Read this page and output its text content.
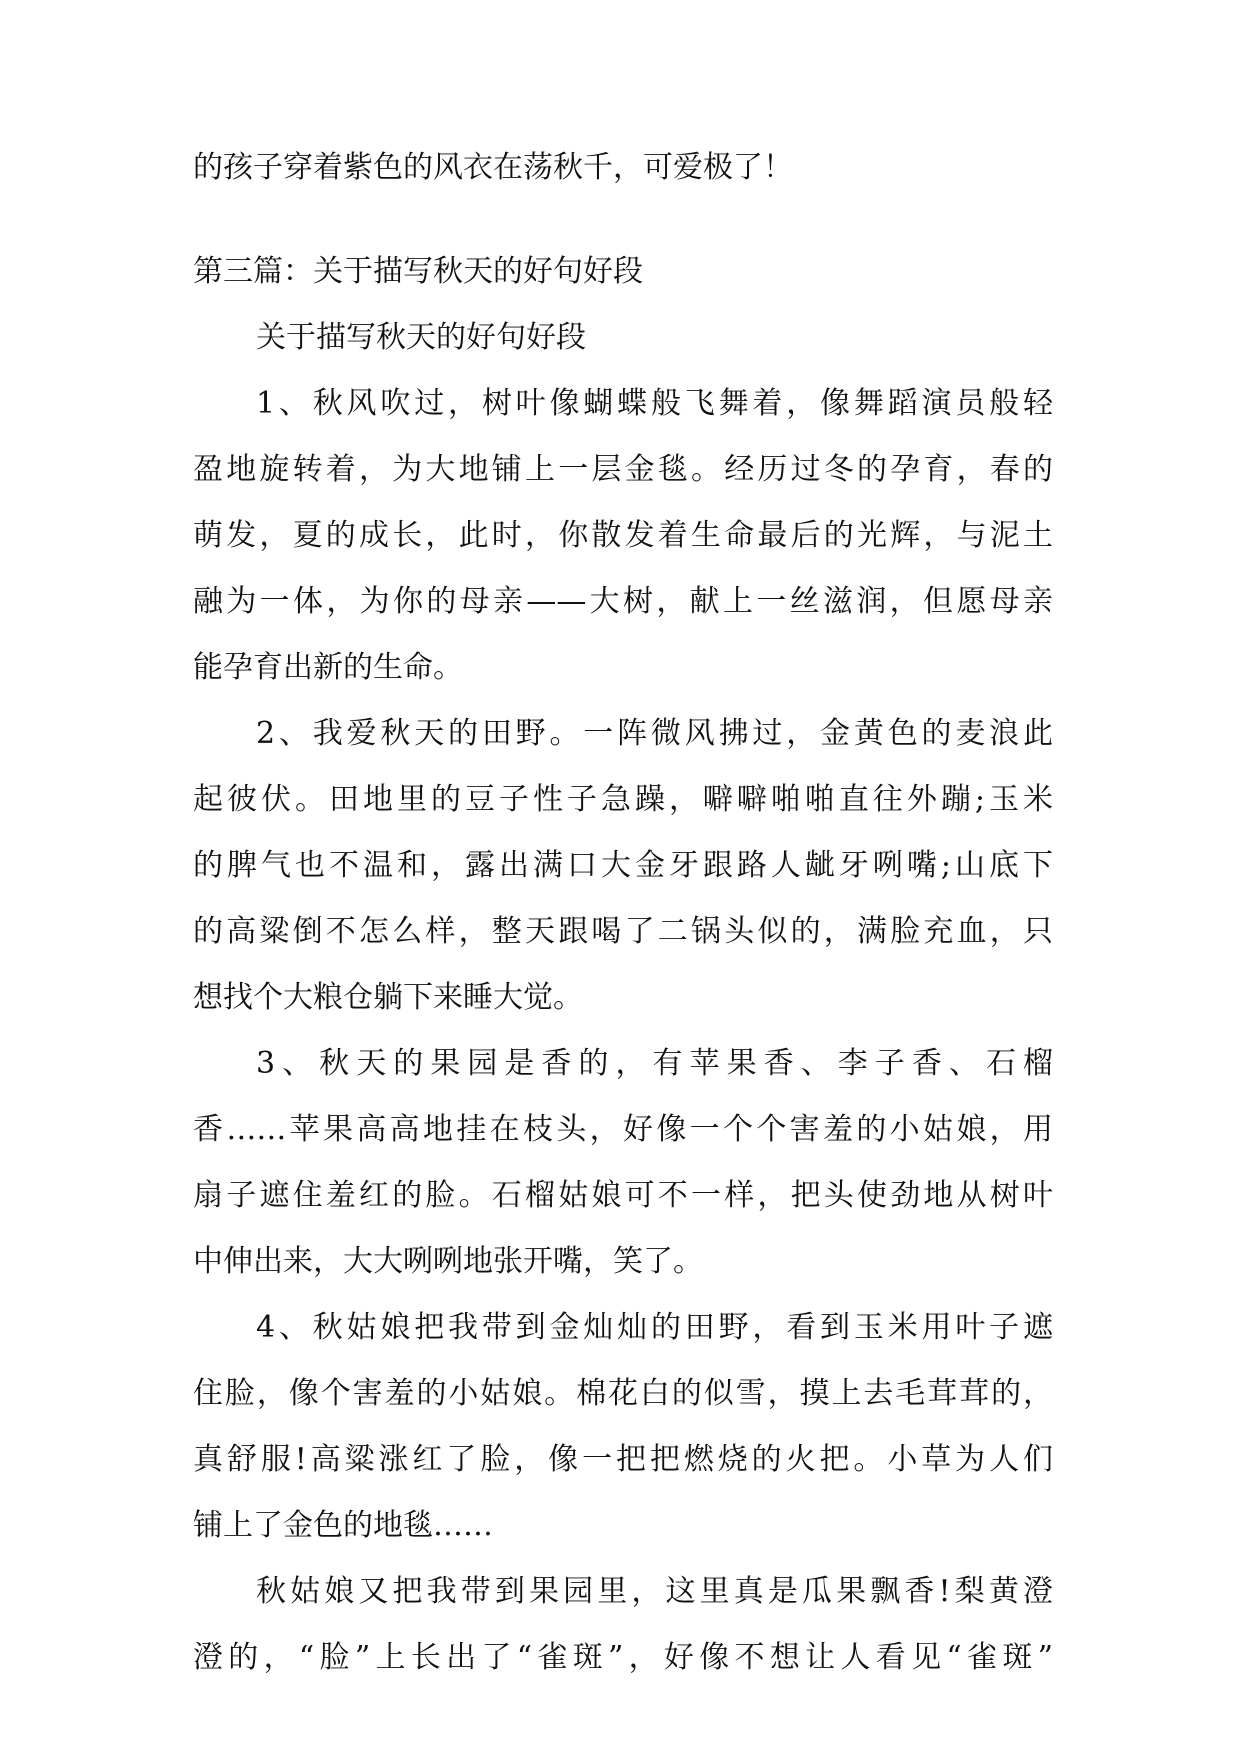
的孩子穿着紫色的风衣在荡秋千，可爱极了！
第三篇：关于描写秋天的好句好段
关于描写秋天的好句好段
1、秋风吹过，树叶像蝴蝶般飞舞着，像舞蹈演员般轻
盈地旋转着，为大地铺上一层金毯。经历过冬的孕育，春的
萌发，夏的成长，此时，你散发着生命最后的光辉，与泥土
融为一体，为你的母亲——大树，献上一丝滋润，但愿母亲
能孕育出新的生命。
2、我爱秋天的田野。一阵微风拂过，金黄色的麦浪此
起彼伏。田地里的豆子性子急躁，噼噼啪啪直往外蹦;玉米
的脾气也不温和，露出满口大金牙跟路人龇牙咧嘴;山底下
的高粱倒不怎么样，整天跟喝了二锅头似的，满脸充血，只
想找个大粮仓躺下来睡大觉。
3、秋天的果园是香的，有苹果香、李子香、石榴
香……苹果高高地挂在枝头，好像一个个害羞的小姑娘，用
扇子遮住羞红的脸。石榴姑娘可不一样，把头使劲地从树叶
中伸出来，大大咧咧地张开嘴，笑了。
4、秋姑娘把我带到金灿灿的田野，看到玉米用叶子遮
住脸，像个害羞的小姑娘。棉花白的似雪，摸上去毛茸茸的，
真舒服!高粱涨红了脸，像一把把燃烧的火把。小草为人们
铺上了金色的地毯……
秋姑娘又把我带到果园里，这里真是瓜果飘香!梨黄澄
澄的，“脸”上长出了“雀斑”，好像不想让人看见“雀斑”
